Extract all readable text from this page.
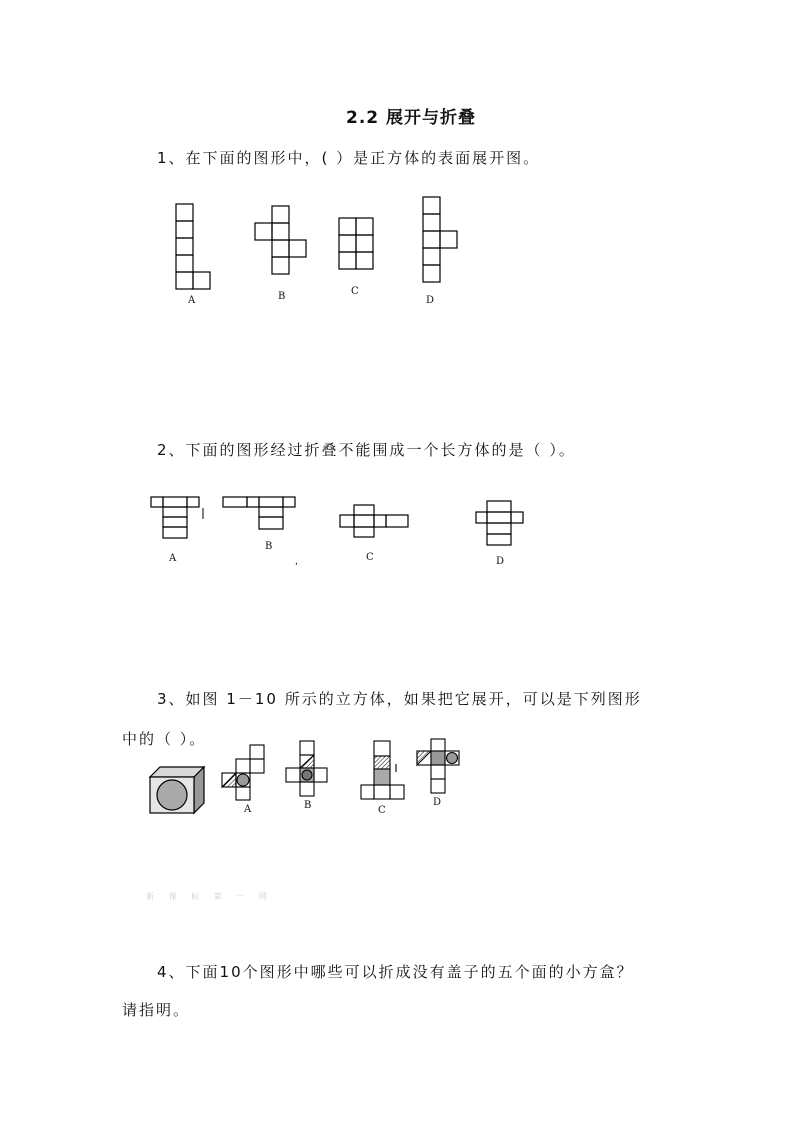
2.2 展开与折叠
1、在下面的图形中，( ）是正方体的表面展开图。
A	B	C
D
2、下面的图形经过折叠不能围成一个长方体的是（ ）。
,
A
B
C	D
3、如图 1－10 所示的立方体，如果把它展开，可以是下列图形
中的（ ）。
A	B	C
D
新 课 标 第 一 网
4、下面10个图形中哪些可以折成没有盖子的五个面的小方盒？
请指明。
